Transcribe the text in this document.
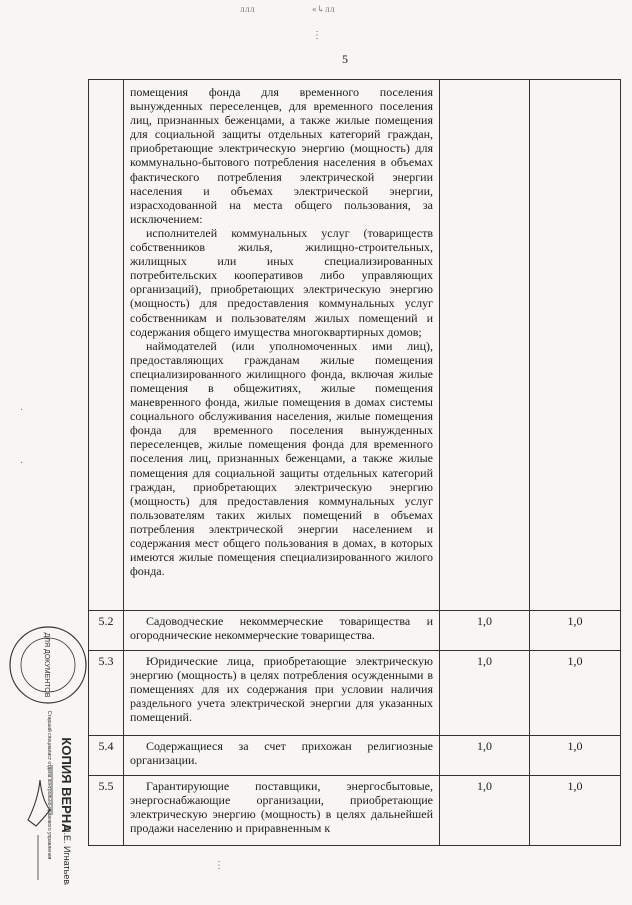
5
ᴫᴫᴫ	«↳ᴫᴫ

	помещения фонда для временного поселения вынужденных переселенцев, для временного поселения лиц, признанных беженцами, а также жилые помещения для социальной защиты отдельных категорий граждан, приобретающие электрическую энергию (мощность) для коммунально-бытового потребления населения в объемах фактического потребления электрической энергии населения и объемах электрической энергии, израсходованной на места общего пользования, за исключением:

исполнителей коммунальных услуг (товариществ собственников жилья, жилищно-строительных, жилищных или иных специализированных потребительских кооперативов либо управляющих организаций), приобретающих электрическую энергию (мощность) для предоставления коммунальных услуг собственникам и пользователям жилых помещений и содержания общего имущества многоквартирных домов;

наймодателей (или уполномоченных ими лиц), предоставляющих гражданам жилые помещения специализированного жилищного фонда, включая жилые помещения в общежитиях, жилые помещения маневренного фонда, жилые помещения в домах системы социального обслуживания населения, жилые помещения фонда для временного поселения вынужденных переселенцев, жилые помещения фонда для временного поселения лиц, признанных беженцами, а также жилые помещения для социальной защиты отдельных категорий граждан, приобретающих электрическую энергию (мощность) для предоставления коммунальных услуг пользователям таких жилых помещений в объемах потребления электрической энергии населением и содержания мест общего пользования в домах, в которых имеются жилые помещения специализированного жилого фонда.		

5.2	Садоводческие некоммерческие товарищества и огороднические некоммерческие товарищества.	1,0	1,0
5.3	Юридические лица, приобретающие электрическую энергию (мощность) в целях потребления осужденными в помещениях для их содержания при условии наличия раздельного учета электрической энергии для указанных помещений.	1,0	1,0
5.4	Содержащиеся за счет прихожан религиозные организации.	1,0	1,0
5.5	Гарантирующие поставщики, энергосбытовые, энергоснабжающие организации, приобретающие электрическую энергию (мощность) в целях дальнейшей продажи населению и приравненным к	1,0	1,0
ДЛЯ ДОКУМЕНТОВ
КОПИЯ ВЕРНА
Старший специалист отдела контрольно-правового управления М.Е. Игнатьева
⋮
·
·
⋮
